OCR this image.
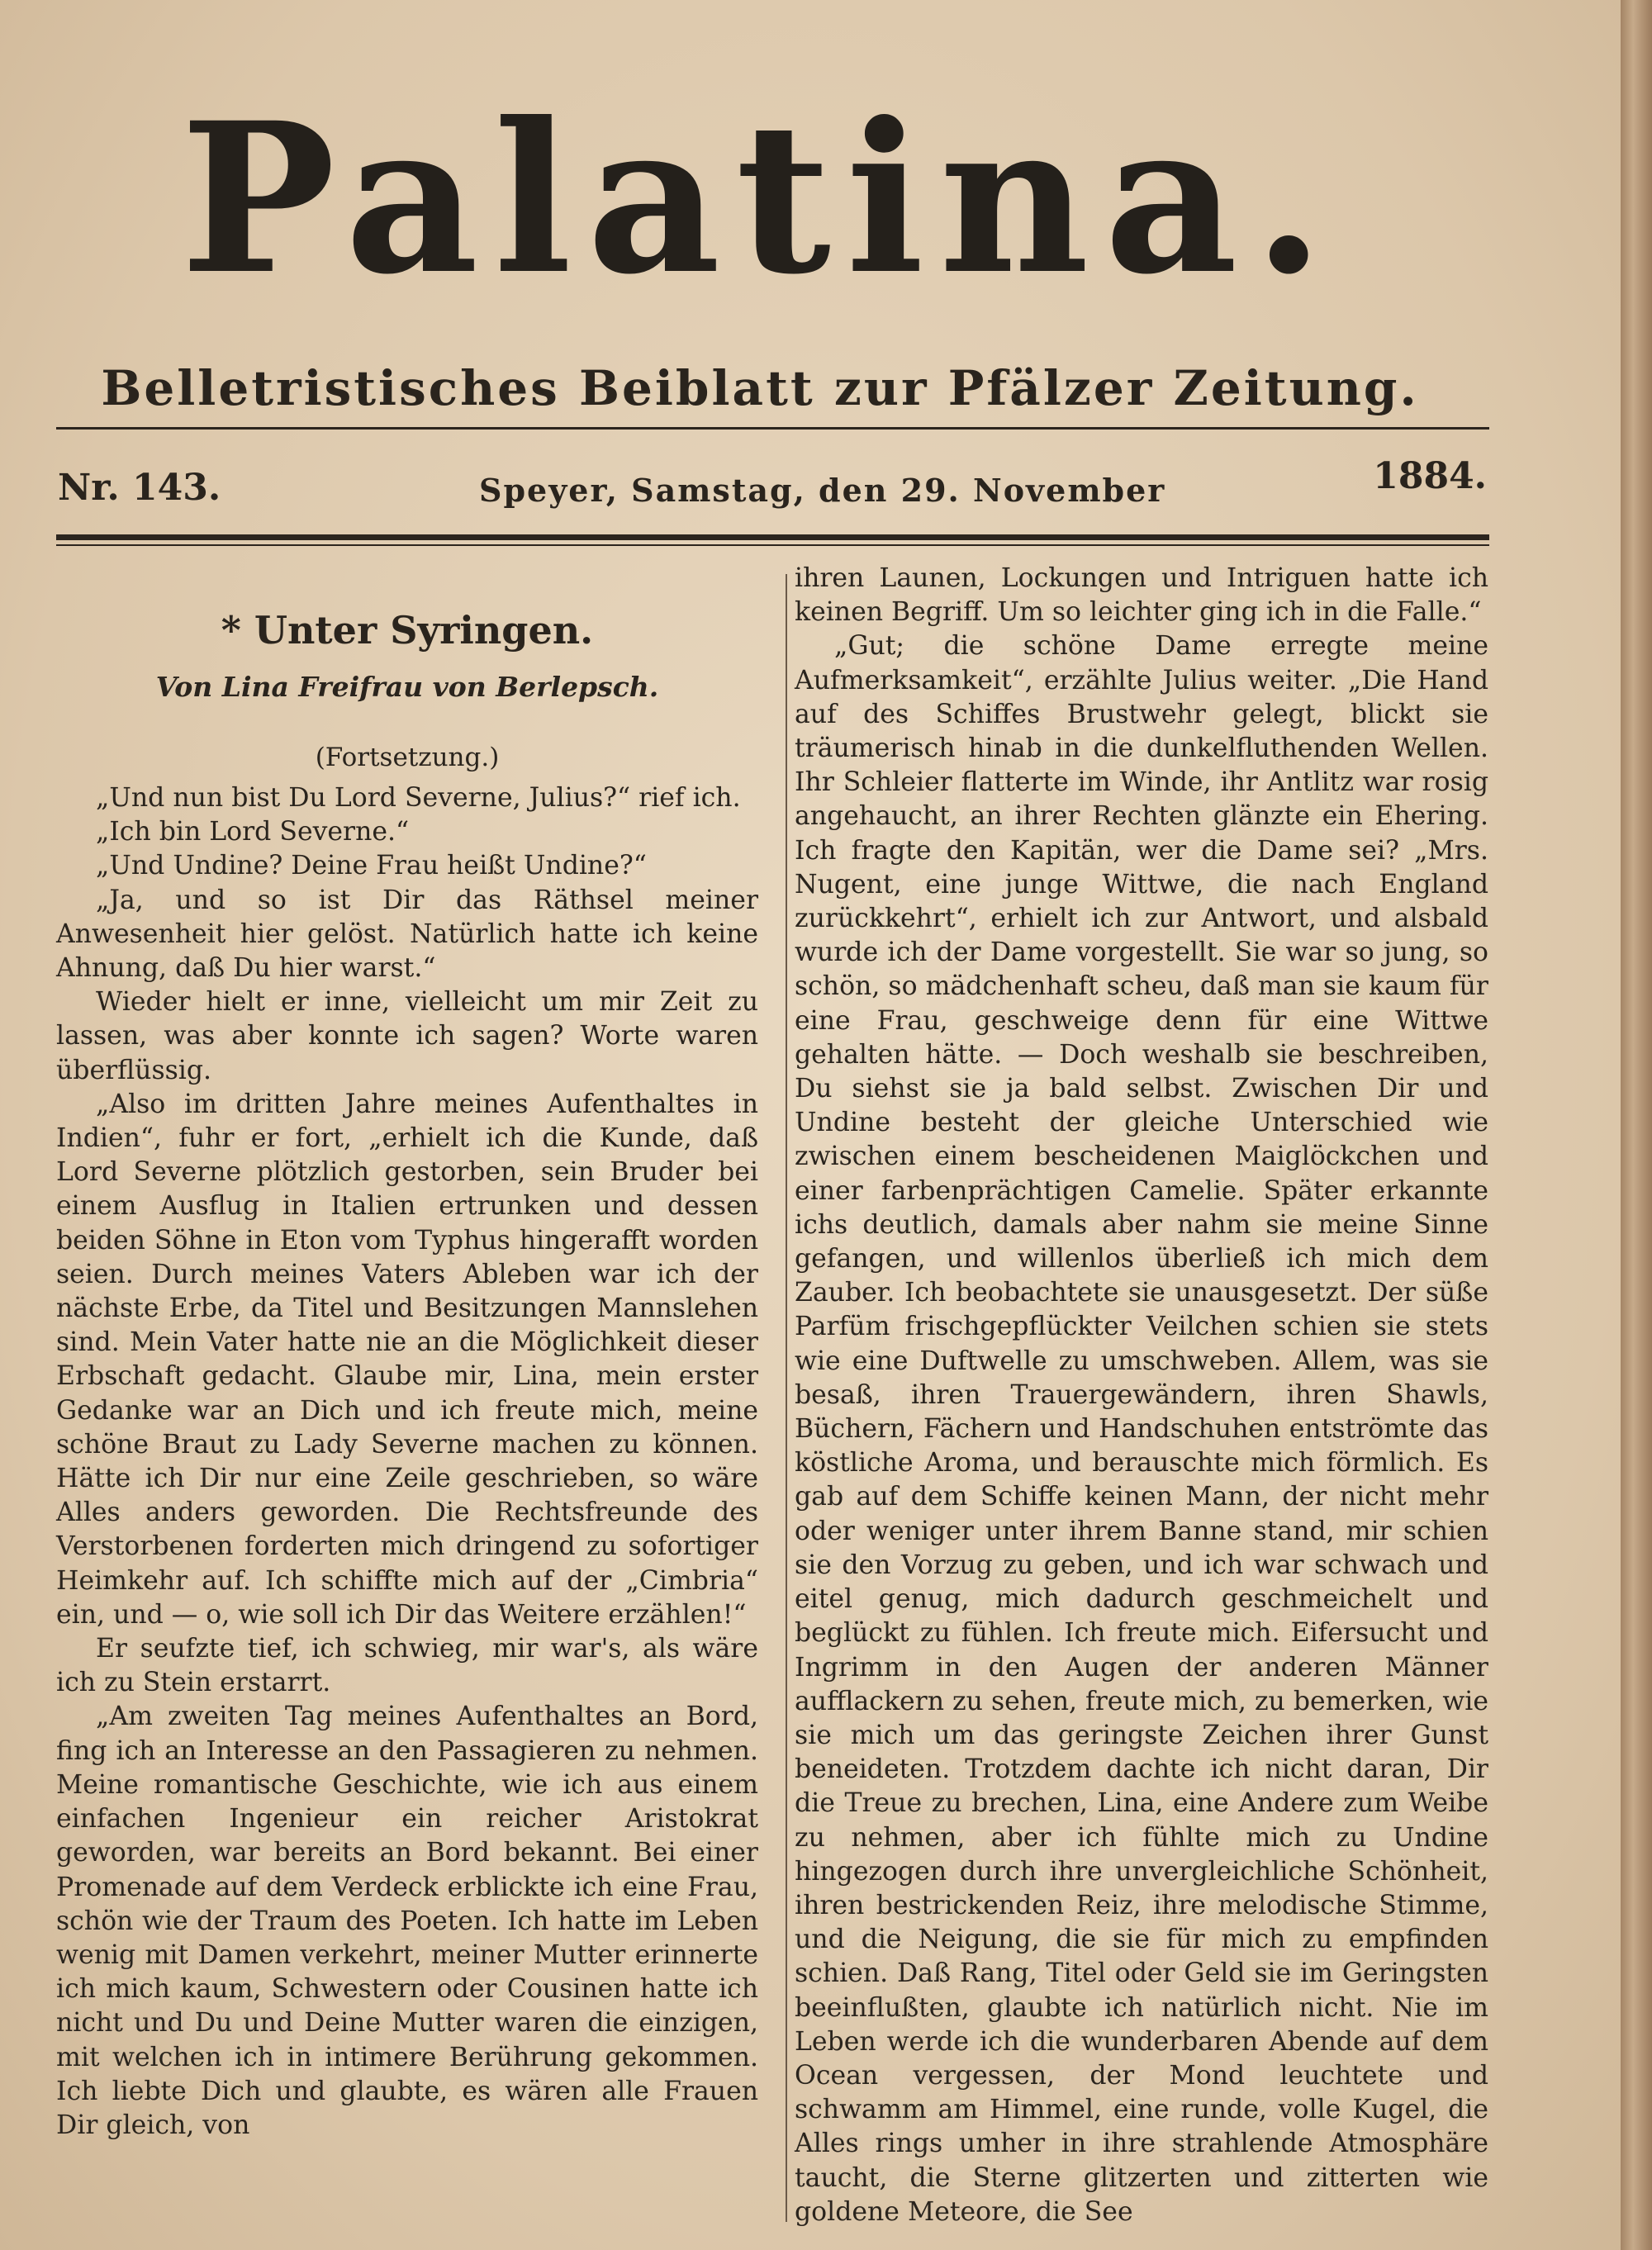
Palatina.
Belletristisches Beiblatt zur Pfälzer Zeitung.
Nr. 143.	Speyer, Samstag, den 29. November	1884.
* Unter Syringen.
Von Lina Freifrau von Berlepsch.
(Fortsetzung.)

„Und nun bist Du Lord Severne, Julius?“ rief ich.

„Ich bin Lord Severne.“

„Und Undine? Deine Frau heißt Undine?“

„Ja, und so ist Dir das Räthsel meiner Anwesenheit hier gelöst. Natürlich hatte ich keine Ahnung, daß Du hier warst.“

Wieder hielt er inne, vielleicht um mir Zeit zu lassen, was aber konnte ich sagen? Worte waren überflüssig.

„Also im dritten Jahre meines Aufenthaltes in Indien“, fuhr er fort, „erhielt ich die Kunde, daß Lord Severne plötzlich gestorben, sein Bruder bei einem Ausflug in Italien ertrunken und dessen beiden Söhne in Eton vom Typhus hingerafft worden seien. Durch meines Vaters Ableben war ich der nächste Erbe, da Titel und Besitzungen Mannslehen sind. Mein Vater hatte nie an die Möglichkeit dieser Erbschaft gedacht. Glaube mir, Lina, mein erster Gedanke war an Dich und ich freute mich, meine schöne Braut zu Lady Severne machen zu können. Hätte ich Dir nur eine Zeile geschrieben, so wäre Alles anders geworden. Die Rechtsfreunde des Verstorbenen forderten mich dringend zu sofortiger Heimkehr auf. Ich schiffte mich auf der „Cimbria“ ein, und — o, wie soll ich Dir das Weitere erzählen!“

Er seufzte tief, ich schwieg, mir war's, als wäre ich zu Stein erstarrt.

„Am zweiten Tag meines Aufenthaltes an Bord, fing ich an Interesse an den Passagieren zu nehmen. Meine romantische Geschichte, wie ich aus einem einfachen Ingenieur ein reicher Aristokrat geworden, war bereits an Bord bekannt. Bei einer Promenade auf dem Verdeck erblickte ich eine Frau, schön wie der Traum des Poeten. Ich hatte im Leben wenig mit Damen verkehrt, meiner Mutter erinnerte ich mich kaum, Schwestern oder Cousinen hatte ich nicht und Du und Deine Mutter waren die einzigen, mit welchen ich in intimere Berührung gekommen. Ich liebte Dich und glaubte, es wären alle Frauen Dir gleich, von

ihren Launen, Lockungen und Intriguen hatte ich keinen Begriff. Um so leichter ging ich in die Falle.“

„Gut; die schöne Dame erregte meine Aufmerksamkeit“, erzählte Julius weiter. „Die Hand auf des Schiffes Brustwehr gelegt, blickt sie träumerisch hinab in die dunkelfluthenden Wellen. Ihr Schleier flatterte im Winde, ihr Antlitz war rosig angehaucht, an ihrer Rechten glänzte ein Ehering. Ich fragte den Kapitän, wer die Dame sei? „Mrs. Nugent, eine junge Wittwe, die nach England zurückkehrt“, erhielt ich zur Antwort, und alsbald wurde ich der Dame vorgestellt. Sie war so jung, so schön, so mädchenhaft scheu, daß man sie kaum für eine Frau, geschweige denn für eine Wittwe gehalten hätte. — Doch weshalb sie beschreiben, Du siehst sie ja bald selbst. Zwischen Dir und Undine besteht der gleiche Unterschied wie zwischen einem bescheidenen Maiglöckchen und einer farbenprächtigen Camelie. Später erkannte ichs deutlich, damals aber nahm sie meine Sinne gefangen, und willenlos überließ ich mich dem Zauber. Ich beobachtete sie unausgesetzt. Der süße Parfüm frischgepflückter Veilchen schien sie stets wie eine Duftwelle zu umschweben. Allem, was sie besaß, ihren Trauergewändern, ihren Shawls, Büchern, Fächern und Handschuhen entströmte das köstliche Aroma, und berauschte mich förmlich. Es gab auf dem Schiffe keinen Mann, der nicht mehr oder weniger unter ihrem Banne stand, mir schien sie den Vorzug zu geben, und ich war schwach und eitel genug, mich dadurch geschmeichelt und beglückt zu fühlen. Ich freute mich. Eifersucht und Ingrimm in den Augen der anderen Männer aufflackern zu sehen, freute mich, zu bemerken, wie sie mich um das geringste Zeichen ihrer Gunst beneideten. Trotzdem dachte ich nicht daran, Dir die Treue zu brechen, Lina, eine Andere zum Weibe zu nehmen, aber ich fühlte mich zu Undine hingezogen durch ihre unvergleichliche Schönheit, ihren bestrickenden Reiz, ihre melodische Stimme, und die Neigung, die sie für mich zu empfinden schien. Daß Rang, Titel oder Geld sie im Geringsten beeinflußten, glaubte ich natürlich nicht. Nie im Leben werde ich die wunderbaren Abende auf dem Ocean vergessen, der Mond leuchtete und schwamm am Himmel, eine runde, volle Kugel, die Alles rings umher in ihre strahlende Atmosphäre taucht, die Sterne glitzerten und zitterten wie goldene Meteore, die See
